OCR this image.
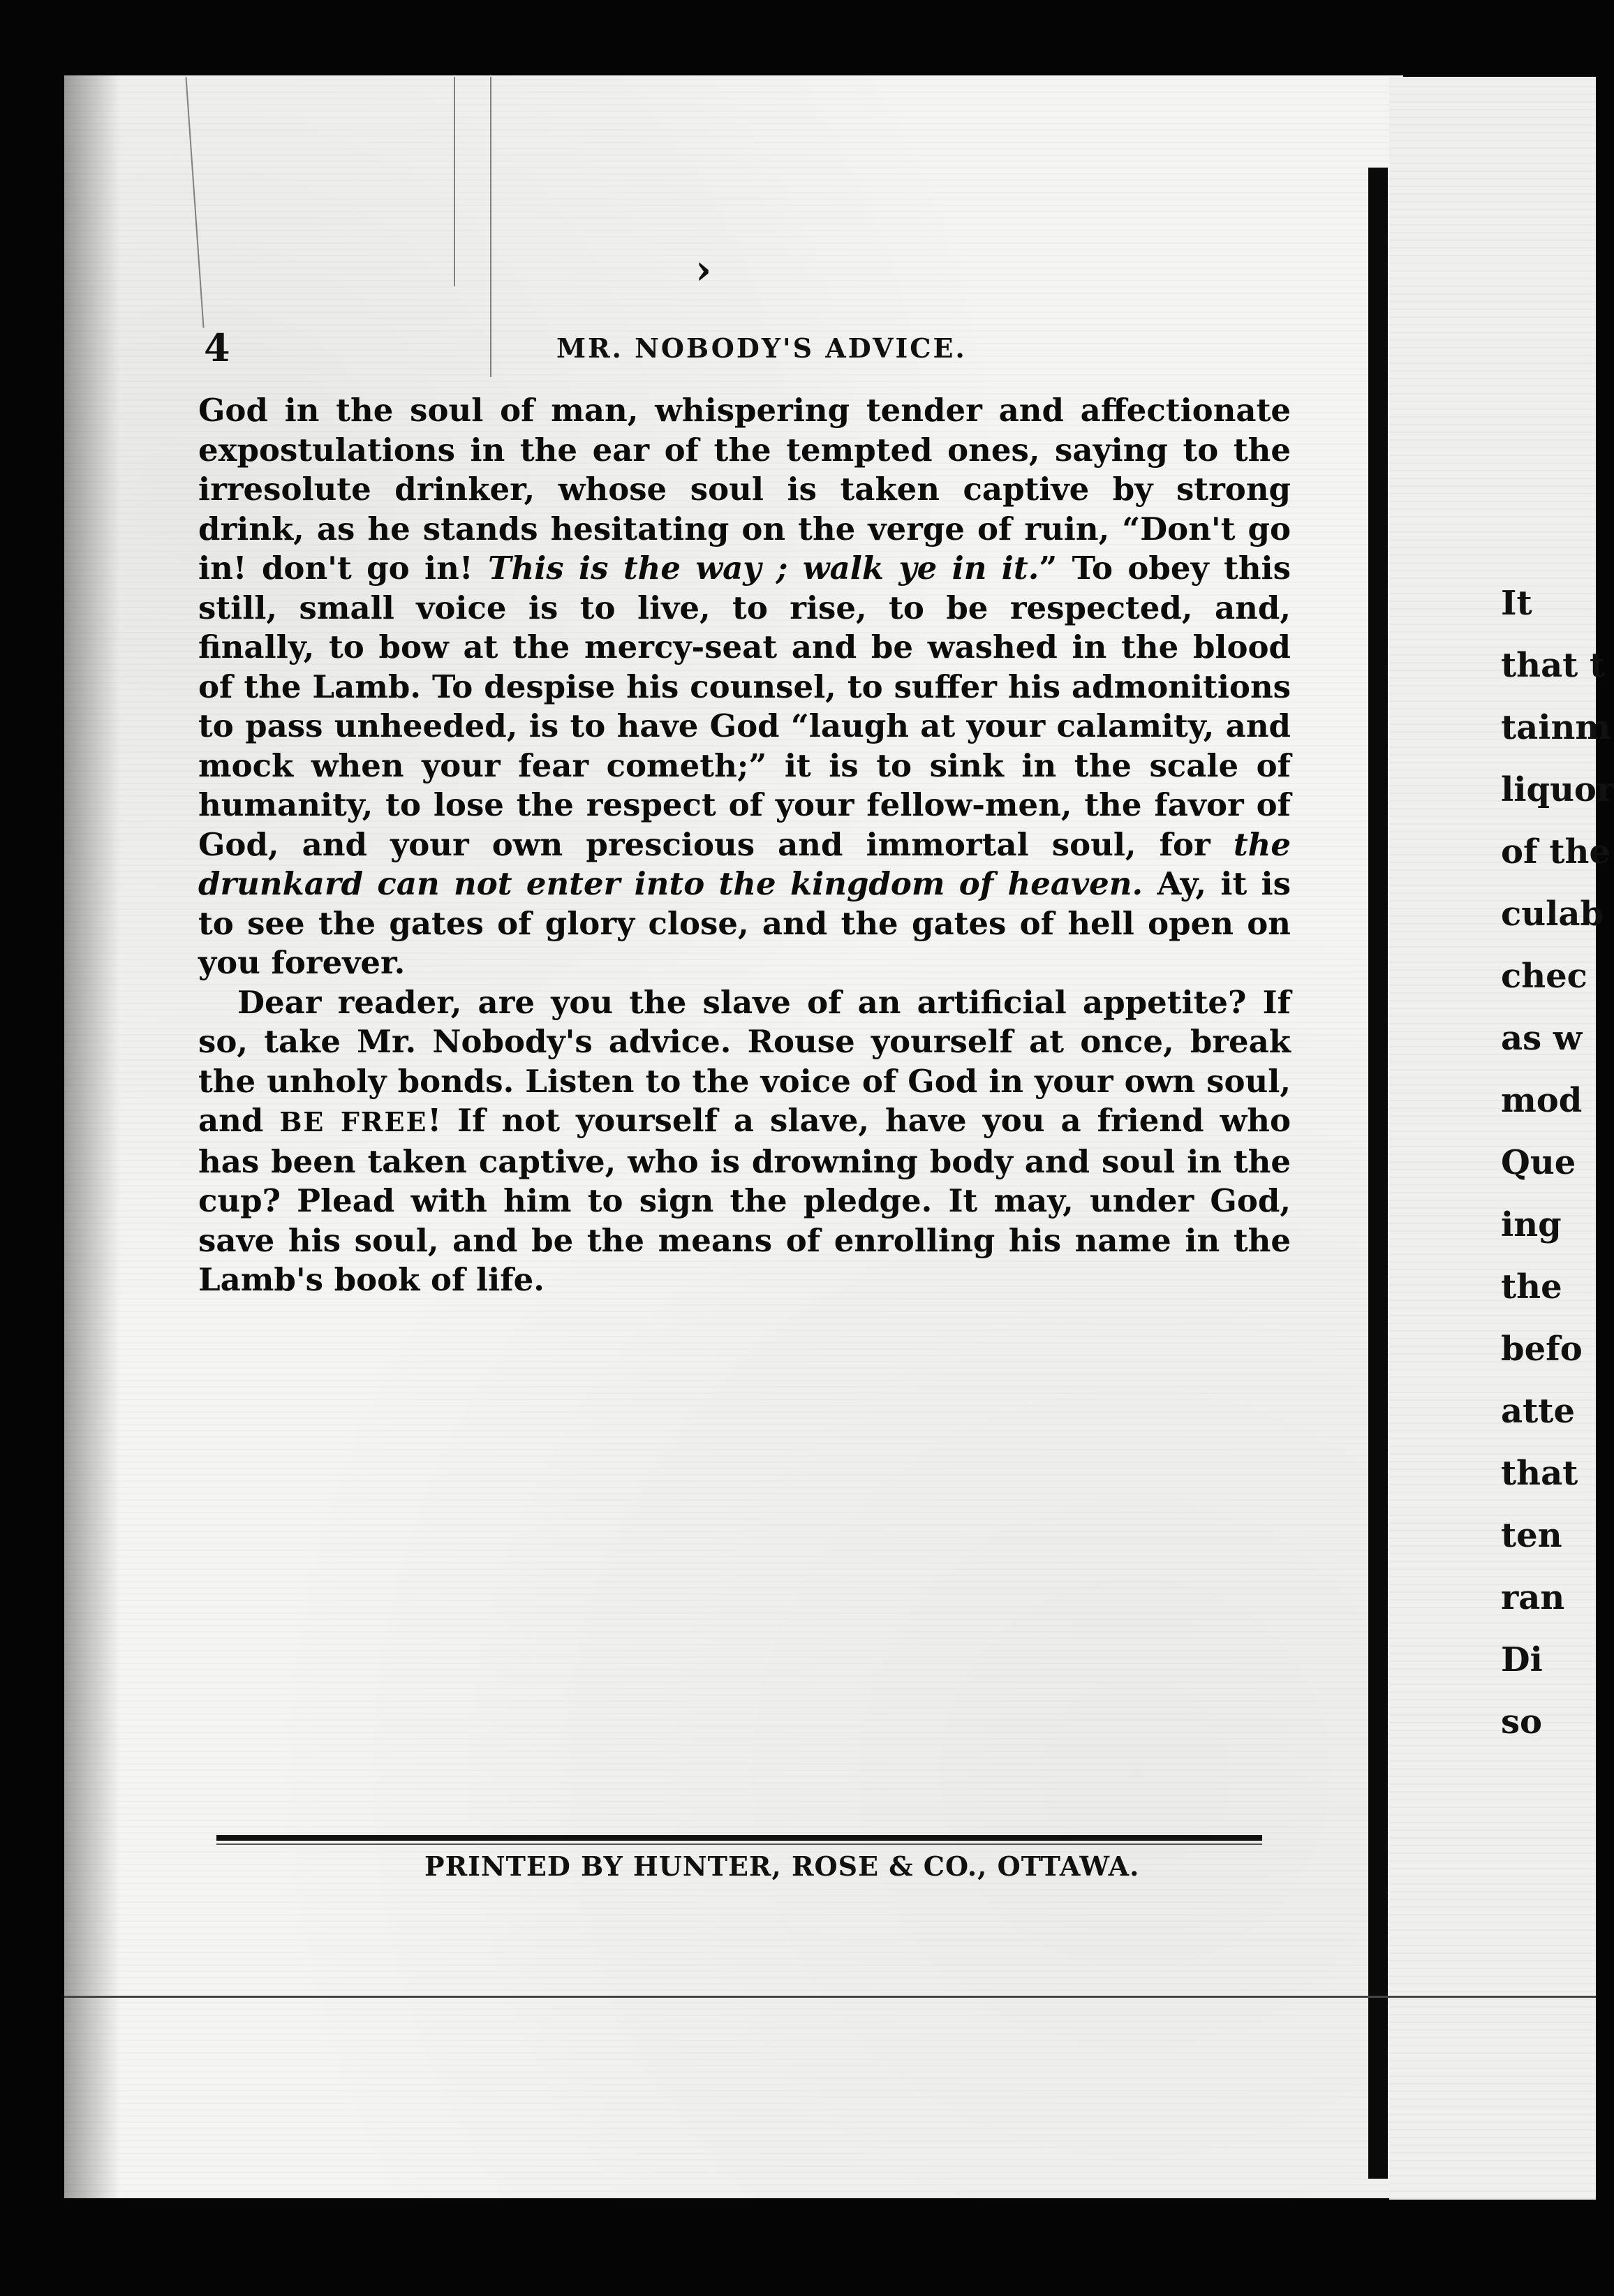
›
4	MR. NOBODY'S ADVICE.

God in the soul of man, whispering tender and affectionate expostulations in the ear of the tempted ones, saying to the irresolute drinker, whose soul is taken captive by strong drink, as he stands hesitating on the verge of ruin, “Don't go in! don't go in! This is the way ; walk ye in it.” To obey this still, small voice is to live, to rise, to be respected, and, finally, to bow at the mercy-seat and be washed in the blood of the Lamb. To despise his counsel, to suffer his admonitions to pass unheeded, is to have God “laugh at your calamity, and mock when your fear cometh;” it is to sink in the scale of humanity, to lose the respect of your fellow-men, the favor of God, and your own prescious and immortal soul, for the drunkard can not enter into the kingdom of heaven. Ay, it is to see the gates of glory close, and the gates of hell open on you forever.

Dear reader, are you the slave of an artificial appetite? If so, take Mr. Nobody's advice. Rouse yourself at once, break the unholy bonds. Listen to the voice of God in your own soul, and BE FREE! If not yourself a slave, have you a friend who has been taken captive, who is drowning body and soul in the cup? Plead with him to sign the pledge. It may, under God, save his soul, and be the means of enrolling his name in the Lamb's book of life.

PRINTED BY HUNTER, ROSE & CO., OTTAWA.
It
that t
tainm
liquor
of the
culab
chec
as w
mod
Que
ing
the
befo
atte
that
ten
ran
Di
so
